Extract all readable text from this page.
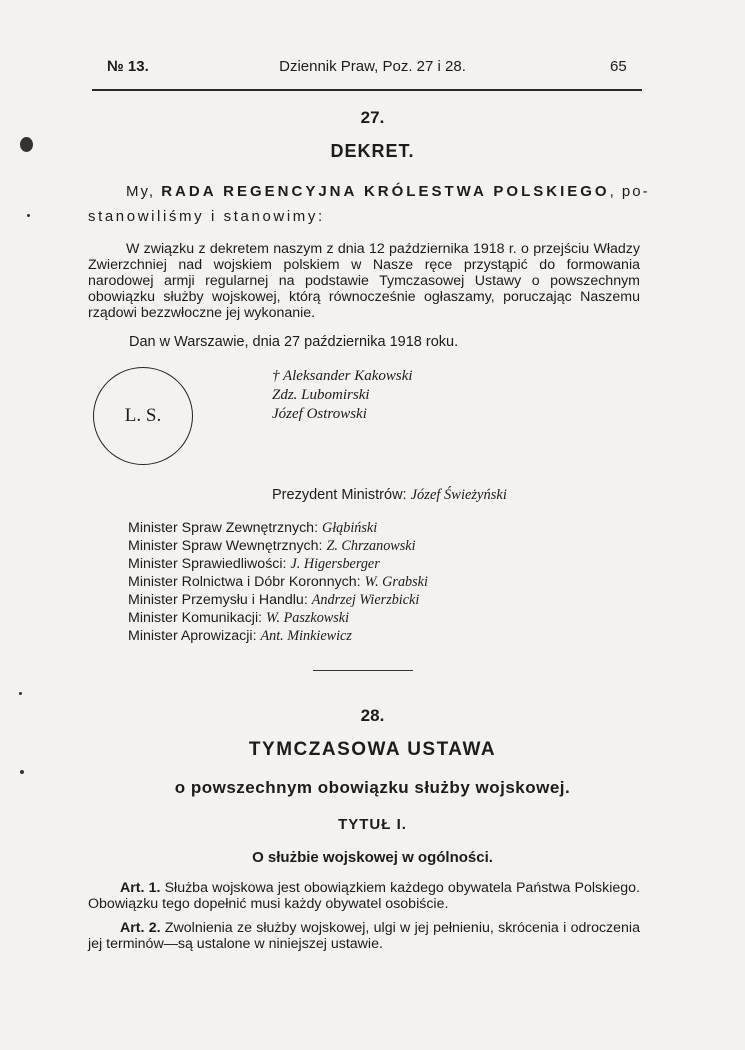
№ 13.	Dziennik Praw, Poz. 27 i 28.	65
27.
DEKRET.
My, RADA REGENCYJNA KRÓLESTWA POLSKIEGO, po-
stanowiliśmy i stanowimy:
W związku z dekretem naszym z dnia 12 października 1918 r. o przejściu Władzy Zwierzchniej nad wojskiem polskiem w Nasze ręce przystąpić do formowania narodowej armji regularnej na podstawie Tymczasowej Ustawy o powszechnym obowiązku służby wojskowej, którą równocześnie ogłaszamy, poruczając Naszemu rządowi bezzwłoczne jej wykonanie.
Dan w Warszawie, dnia 27 października 1918 roku.
L. S.
† Aleksander Kakowski
Zdz. Lubomirski
Józef Ostrowski
Prezydent Ministrów: Józef Świeżyński
Minister Spraw Zewnętrznych: Głąbiński
Minister Spraw Wewnętrznych: Z. Chrzanowski
Minister Sprawiedliwości: J. Higersberger
Minister Rolnictwa i Dóbr Koronnych: W. Grabski
Minister Przemysłu i Handlu: Andrzej Wierzbicki
Minister Komunikacji: W. Paszkowski
Minister Aprowizacji: Ant. Minkiewicz
28.
TYMCZASOWA USTAWA
o powszechnym obowiązku służby wojskowej.
TYTUŁ I.
O służbie wojskowej w ogólności.
Art. 1. Służba wojskowa jest obowiązkiem każdego obywatela Państwa Polskiego. Obowiązku tego dopełnić musi każdy obywatel osobiście.
Art. 2. Zwolnienia ze służby wojskowej, ulgi w jej pełnieniu, skrócenia i odroczenia jej terminów—są ustalone w niniejszej ustawie.
